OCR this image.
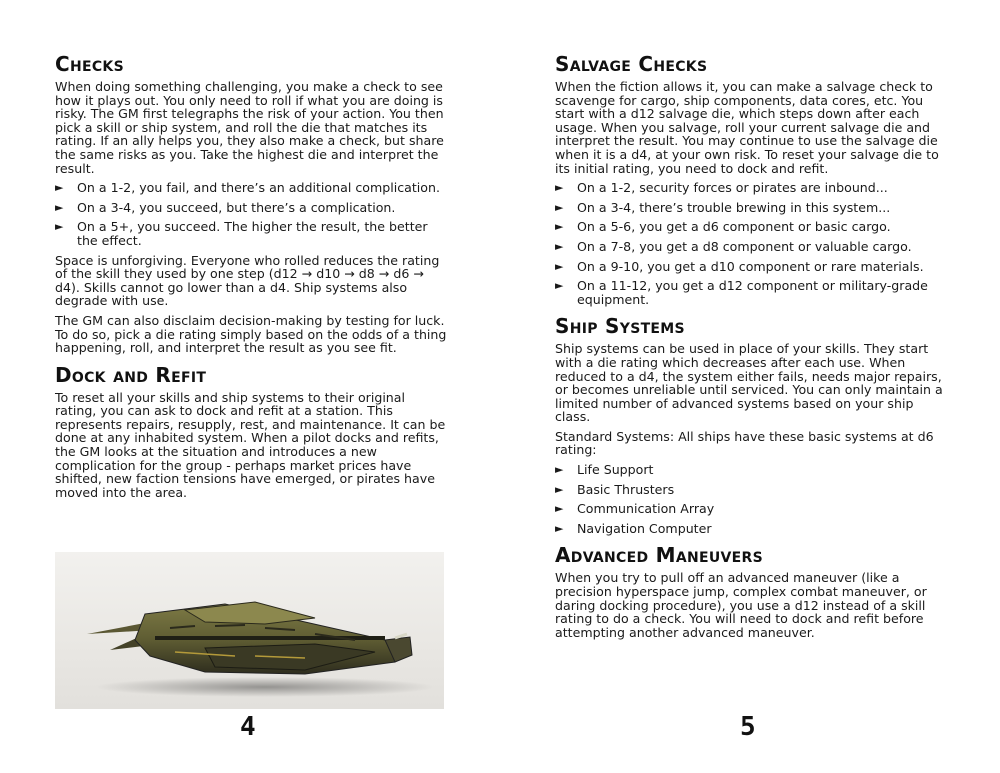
Checks

When doing something challenging, you make a check to see how it plays out. You only need to roll if what you are doing is risky. The GM first telegraphs the risk of your action. You then pick a skill or ship system, and roll the die that matches its rating. If an ally helps you, they also make a check, but share the same risks as you. Take the highest die and interpret the result.

► On a 1-2, you fail, and there’s an additional complication.
► On a 3-4, you succeed, but there’s a complication.
► On a 5+, you succeed. The higher the result, the better the effect.

Space is unforgiving. Everyone who rolled reduces the rating of the skill they used by one step (d12 → d10 → d8 → d6 → d4). Skills cannot go lower than a d4. Ship systems also degrade with use.

The GM can also disclaim decision-making by testing for luck. To do so, pick a die rating simply based on the odds of a thing happening, roll, and interpret the result as you see fit.

Dock and Refit

To reset all your skills and ship systems to their original rating, you can ask to dock and refit at a station. This represents repairs, resupply, rest, and maintenance. It can be done at any inhabited system. When a pilot docks and refits, the GM looks at the situation and introduces a new complication for the group - perhaps market prices have shifted, new faction tensions have emerged, or pirates have moved into the area.

Salvage Checks

When the fiction allows it, you can make a salvage check to scavenge for cargo, ship components, data cores, etc. You start with a d12 salvage die, which steps down after each usage. When you salvage, roll your current salvage die and interpret the result. You may continue to use the salvage die when it is a d4, at your own risk. To reset your salvage die to its initial rating, you need to dock and refit.

► On a 1-2, security forces or pirates are inbound...
► On a 3-4, there’s trouble brewing in this system...
► On a 5-6, you get a d6 component or basic cargo.
► On a 7-8, you get a d8 component or valuable cargo.
► On a 9-10, you get a d10 component or rare materials.
► On a 11-12, you get a d12 component or military-grade equipment.
Ship Systems

Ship systems can be used in place of your skills. They start with a die rating which decreases after each use. When reduced to a d4, the system either fails, needs major repairs, or becomes unreliable until serviced. You can only maintain a limited number of advanced systems based on your ship class.

Standard Systems: All ships have these basic systems at d6 rating:

► Life Support
► Basic Thrusters
► Communication Array
► Navigation Computer
Advanced Maneuvers

When you try to pull off an advanced maneuver (like a precision hyperspace jump, complex combat maneuver, or daring docking procedure), you use a d12 instead of a skill rating to do a check. You will need to dock and refit before attempting another advanced maneuver.

4	5
